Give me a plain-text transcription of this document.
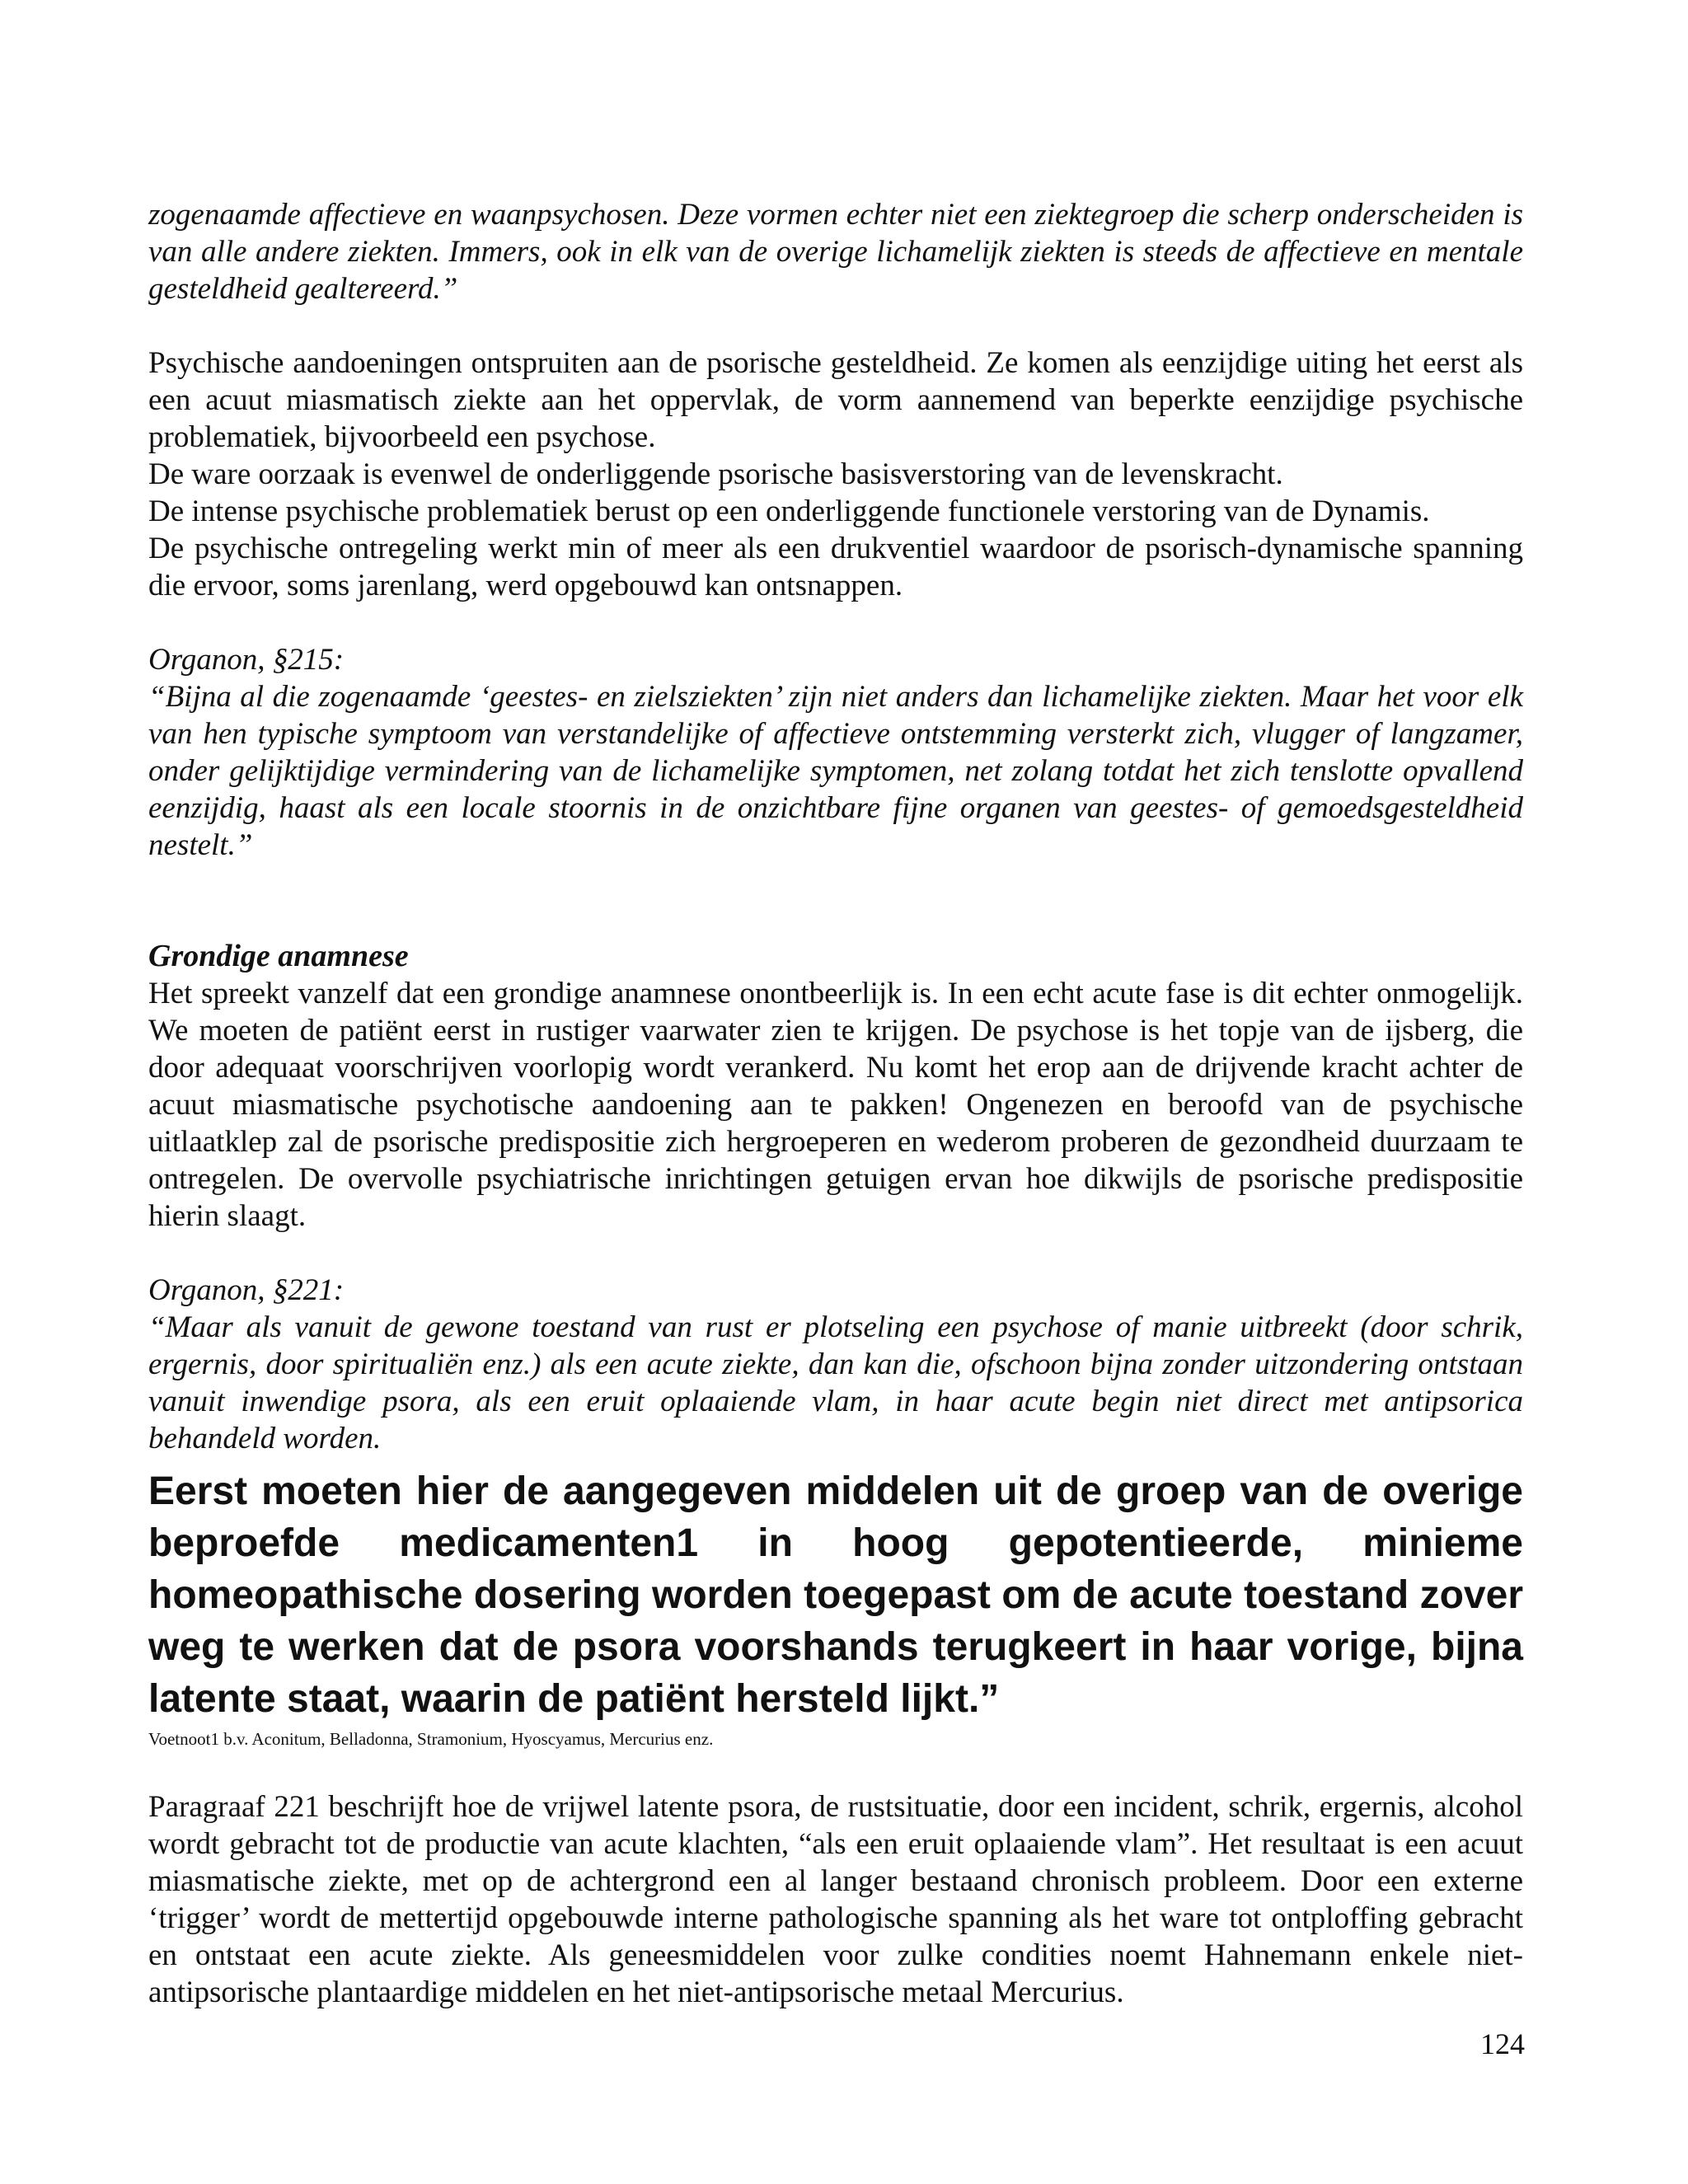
zogenaamde affectieve en waanpsychosen. Deze vormen echter niet een ziektegroep die scherp onderscheiden is van alle andere ziekten. Immers, ook in elk van de overige lichamelijk ziekten is steeds de affectieve en mentale gesteldheid gealtereerd.”

Psychische aandoeningen ontspruiten aan de psorische gesteldheid. Ze komen als eenzijdige uiting het eerst als een acuut miasmatisch ziekte aan het oppervlak, de vorm aannemend van beperkte eenzijdige psychische problematiek, bijvoorbeeld een psychose.

De ware oorzaak is evenwel de onderliggende psorische basisverstoring van de levenskracht.

De intense psychische problematiek berust op een onderliggende functionele verstoring van de Dynamis.

De psychische ontregeling werkt min of meer als een drukventiel waardoor de psorisch-dynamische spanning die ervoor, soms jarenlang, werd opgebouwd kan ontsnappen.

Organon, §215:

“Bijna al die zogenaamde ‘geestes- en zielsziekten’ zijn niet anders dan lichamelijke ziekten. Maar het voor elk van hen typische symptoom van verstandelijke of affectieve ontstemming versterkt zich, vlugger of langzamer, onder gelijktijdige vermindering van de lichamelijke symptomen, net zolang totdat het zich tenslotte opvallend eenzijdig, haast als een locale stoornis in de onzichtbare fijne organen van geestes- of gemoedsgesteldheid nestelt.”

Grondige anamnese

Het spreekt vanzelf dat een grondige anamnese onontbeerlijk is. In een echt acute fase is dit echter onmogelijk. We moeten de patiënt eerst in rustiger vaarwater zien te krijgen. De psychose is het topje van de ijsberg, die door adequaat voorschrijven voorlopig wordt verankerd. Nu komt het erop aan de drijvende kracht achter de acuut miasmatische psychotische aandoening aan te pakken! Ongenezen en beroofd van de psychische uitlaatklep zal de psorische predispositie zich hergroeperen en wederom proberen de gezondheid duurzaam te ontregelen. De overvolle psychiatrische inrichtingen getuigen ervan hoe dikwijls de psorische predispositie hierin slaagt.

Organon, §221:

“Maar als vanuit de gewone toestand van rust er plotseling een psychose of manie uitbreekt (door schrik, ergernis, door spiritualiën enz.) als een acute ziekte, dan kan die, ofschoon bijna zonder uitzondering ontstaan vanuit inwendige psora, als een eruit oplaaiende vlam, in haar acute begin niet direct met antipsorica behandeld worden.

Eerst moeten hier de aangegeven middelen uit de groep van de overige beproefde medicamenten1 in hoog gepotentieerde, minieme homeopathische dosering worden toegepast om de acute toestand zover weg te werken dat de psora voorshands terugkeert in haar vorige, bijna latente staat, waarin de patiënt hersteld lijkt.”

Voetnoot1 b.v. Aconitum, Belladonna, Stramonium, Hyoscyamus, Mercurius enz.

Paragraaf 221 beschrijft hoe de vrijwel latente psora, de rustsituatie, door een incident, schrik, ergernis, alcohol wordt gebracht tot de productie van acute klachten, “als een eruit oplaaiende vlam”. Het resultaat is een acuut miasmatische ziekte, met op de achtergrond een al langer bestaand chronisch probleem. Door een externe ‘trigger’ wordt de mettertijd opgebouwde interne pathologische spanning als het ware tot ontploffing gebracht en ontstaat een acute ziekte. Als geneesmiddelen voor zulke condities noemt Hahnemann enkele niet-antipsorische plantaardige middelen en het niet-antipsorische metaal Mercurius.

124
